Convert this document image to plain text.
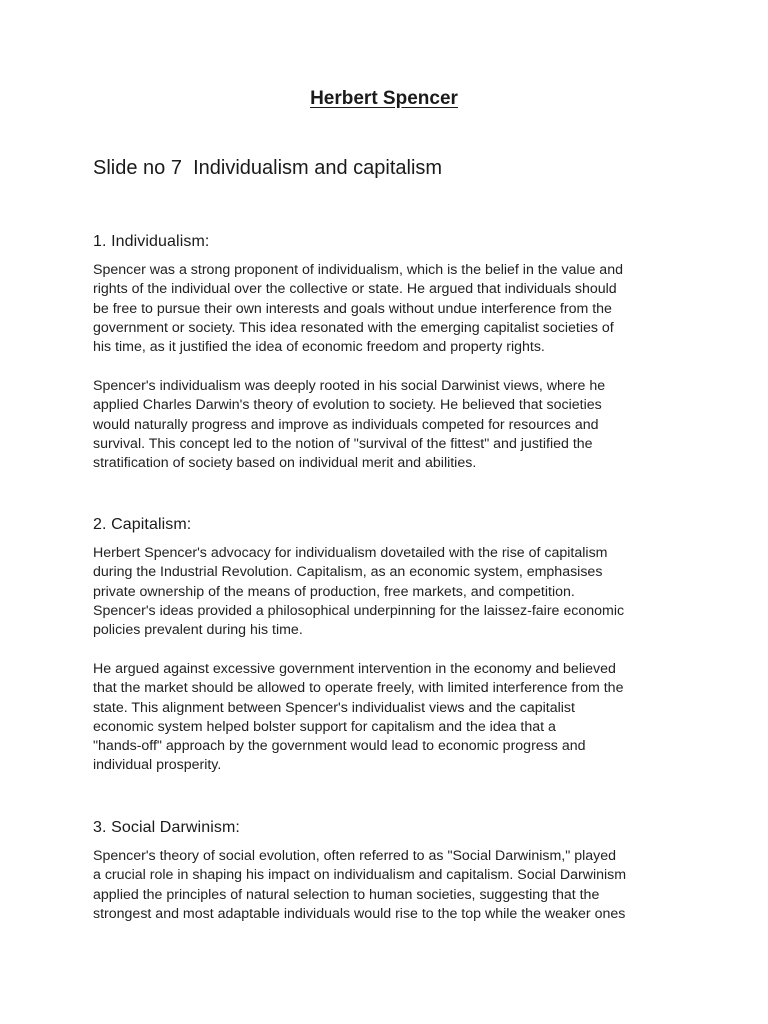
Herbert Spencer
Slide no 7  Individualism and capitalism
1. Individualism:

Spencer was a strong proponent of individualism, which is the belief in the value and
rights of the individual over the collective or state. He argued that individuals should
be free to pursue their own interests and goals without undue interference from the
government or society. This idea resonated with the emerging capitalist societies of
his time, as it justified the idea of economic freedom and property rights.

Spencer's individualism was deeply rooted in his social Darwinist views, where he
applied Charles Darwin's theory of evolution to society. He believed that societies
would naturally progress and improve as individuals competed for resources and
survival. This concept led to the notion of "survival of the fittest" and justified the
stratification of society based on individual merit and abilities.

2. Capitalism:

Herbert Spencer's advocacy for individualism dovetailed with the rise of capitalism
during the Industrial Revolution. Capitalism, as an economic system, emphasises
private ownership of the means of production, free markets, and competition.
Spencer's ideas provided a philosophical underpinning for the laissez-faire economic
policies prevalent during his time.

He argued against excessive government intervention in the economy and believed
that the market should be allowed to operate freely, with limited interference from the
state. This alignment between Spencer's individualist views and the capitalist
economic system helped bolster support for capitalism and the idea that a
"hands-off" approach by the government would lead to economic progress and
individual prosperity.

3. Social Darwinism:

Spencer's theory of social evolution, often referred to as "Social Darwinism," played
a crucial role in shaping his impact on individualism and capitalism. Social Darwinism
applied the principles of natural selection to human societies, suggesting that the
strongest and most adaptable individuals would rise to the top while the weaker ones
